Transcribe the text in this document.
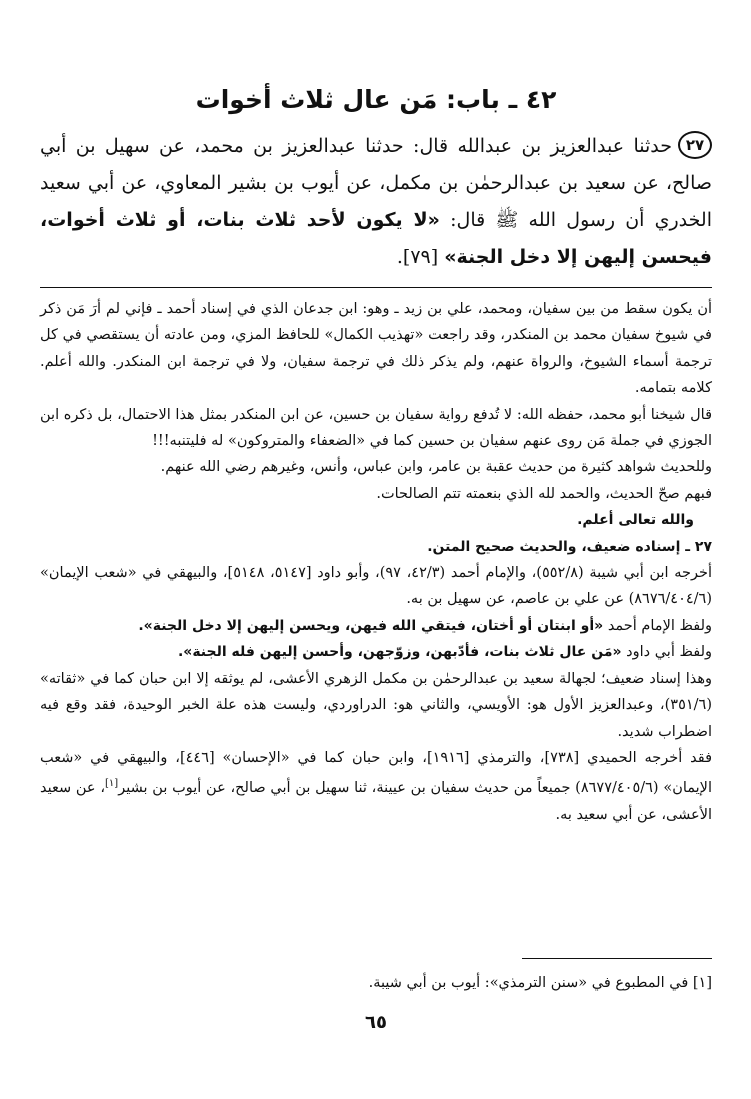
٤٢ ـ باب: مَن عال ثلاث أخوات
٢٧حدثنا عبدالعزيز بن عبدالله قال: حدثنا عبدالعزيز بن محمد، عن سهيل بن أبي صالح، عن سعيد بن عبدالرحمٰن بن مكمل، عن أيوب بن بشير المعاوي، عن أبي سعيد الخدري أن رسول الله ﷺ قال: «لا يكون لأحد ثلاث بنات، أو ثلاث أخوات، فيحسن إليهن إلا دخل الجنة» [٧٩].

أن يكون سقط من بين سفيان، ومحمد، علي بن زيد ـ وهو: ابن جدعان الذي في إسناد أحمد ـ فإني لم أرَ مَن ذكر في شيوخ سفيان محمد بن المنكدر، وقد راجعت «تهذيب الكمال» للحافظ المزي، ومن عادته أن يستقصي في كل ترجمة أسماء الشيوخ، والرواة عنهم، ولم يذكر ذلك في ترجمة سفيان، ولا في ترجمة ابن المنكدر. والله أعلم. كلامه بتمامه.

قال شيخنا أبو محمد، حفظه الله: لا تُدفع رواية سفيان بن حسين، عن ابن المنكدر بمثل هذا الاحتمال، بل ذكره ابن الجوزي في جملة مَن روى عنهم سفيان بن حسين كما في «الضعفاء والمتروكون» له فليتنبه!!!

وللحديث شواهد كثيرة من حديث عقبة بن عامر، وابن عباس، وأنس، وغيرهم رضي الله عنهم.

فبهم صحّ الحديث، والحمد لله الذي بنعمته تتم الصالحات.

والله تعالى أعلم.

٢٧ ـ إسناده ضعيف، والحديث صحيح المتن.

أخرجه ابن أبي شيبة (٥٥٢/٨)، والإمام أحمد (٤٢/٣، ٩٧)، وأبو داود [٥١٤٧، ٥١٤٨]، والبيهقي في «شعب الإيمان» (٨٦٧٦/٤٠٤/٦) عن علي بن عاصم، عن سهيل بن به.

ولفظ الإمام أحمد «أو ابنتان أو أختان، فيتقي الله فيهن، ويحسن إليهن إلا دخل الجنة».

ولفظ أبي داود «مَن عال ثلاث بنات، فأدّبهن، وزوّجهن، وأحسن إليهن فله الجنة».

وهذا إسناد ضعيف؛ لجهالة سعيد بن عبدالرحمٰن بن مكمل الزهري الأعشى، لم يوثقه إلا ابن حبان كما في «ثقاته» (٣٥١/٦)، وعبدالعزيز الأول هو: الأويسي، والثاني هو: الدراوردي، وليست هذه علة الخبر الوحيدة، فقد وقع فيه اضطراب شديد.

فقد أخرجه الحميدي [٧٣٨]، والترمذي [١٩١٦]، وابن حبان كما في «الإحسان» [٤٤٦]، والبيهقي في «شعب الإيمان» (٨٦٧٧/٤٠٥/٦) جميعاً من حديث سفيان بن عيينة، ثنا سهيل بن أبي صالح، عن أيوب بن بشير[١]، عن سعيد الأعشى، عن أبي سعيد به.

[١] في المطبوع في «سنن الترمذي»: أيوب بن أبي شيبة.
٦٥
